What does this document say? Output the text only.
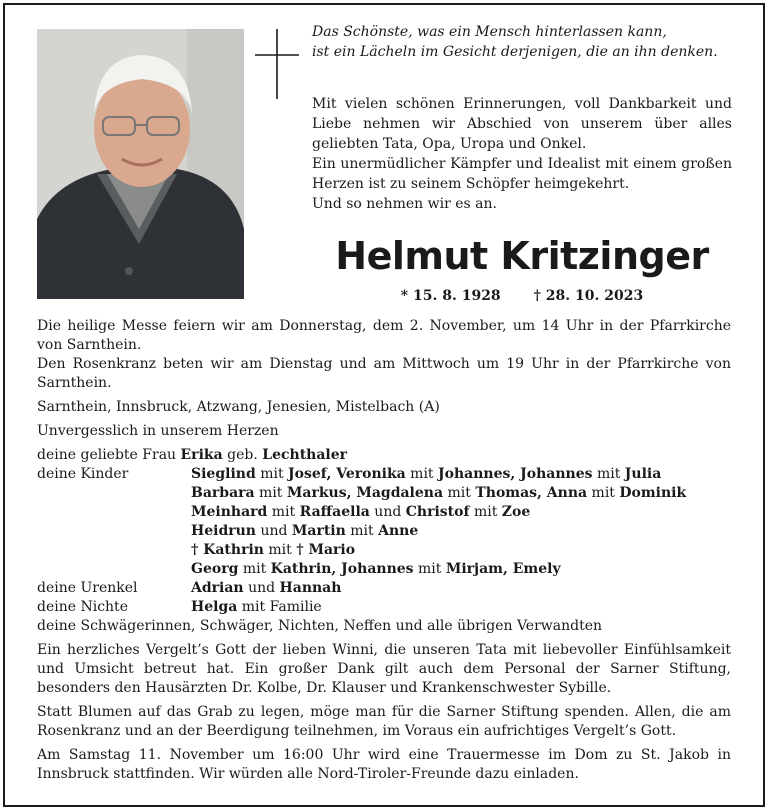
Das Schönste, was ein Mensch hinterlassen kann,
ist ein Lächeln im Gesicht derjenigen, die an ihn denken.

Mit vielen schönen Erinnerungen, voll Dankbarkeit und Liebe nehmen wir Abschied von unserem über alles geliebten Tata, Opa, Uropa und Onkel.

Ein unermüdlicher Kämpfer und Idealist mit einem großen Herzen ist zu seinem Schöpfer heimgekehrt.

Und so nehmen wir es an.

Helmut Kritzinger
* 15. 8. 1928 † 28. 10. 2023

Die heilige Messe feiern wir am Donnerstag, dem 2. November, um 14 Uhr in der Pfarrkirche von Sarnthein.

Den Rosenkranz beten wir am Dienstag und am Mittwoch um 19 Uhr in der Pfarrkirche von Sarnthein.

Sarnthein, Innsbruck, Atzwang, Jenesien, Mistelbach (A)

Unvergesslich in unserem Herzen

deine geliebte Frau Erika geb. Lechthaler
deine Kinder	Sieglind mit Josef, Veronika mit Johannes, Johannes mit Julia
Barbara mit Markus, Magdalena mit Thomas, Anna mit Dominik
Meinhard mit Raffaella und Christof mit Zoe
Heidrun und Martin mit Anne
† Kathrin mit † Mario
Georg mit Kathrin, Johannes mit Mirjam, Emely
deine Urenkel	Adrian und Hannah
deine Nichte	Helga mit Familie

deine Schwägerinnen, Schwäger, Nichten, Neffen und alle übrigen Verwandten

Ein herzliches Vergelt’s Gott der lieben Winni, die unseren Tata mit liebevoller Einfühlsamkeit und Umsicht betreut hat. Ein großer Dank gilt auch dem Personal der Sarner Stiftung, besonders den Hausärzten Dr. Kolbe, Dr. Klauser und Krankenschwester Sybille.

Statt Blumen auf das Grab zu legen, möge man für die Sarner Stiftung spenden. Allen, die am Rosenkranz und an der Beerdigung teilnehmen, im Voraus ein aufrichtiges Vergelt’s Gott.

Am Samstag 11. November um 16:00 Uhr wird eine Trauermesse im Dom zu St. Jakob in Innsbruck stattfinden. Wir würden alle Nord-Tiroler-Freunde dazu einladen.
